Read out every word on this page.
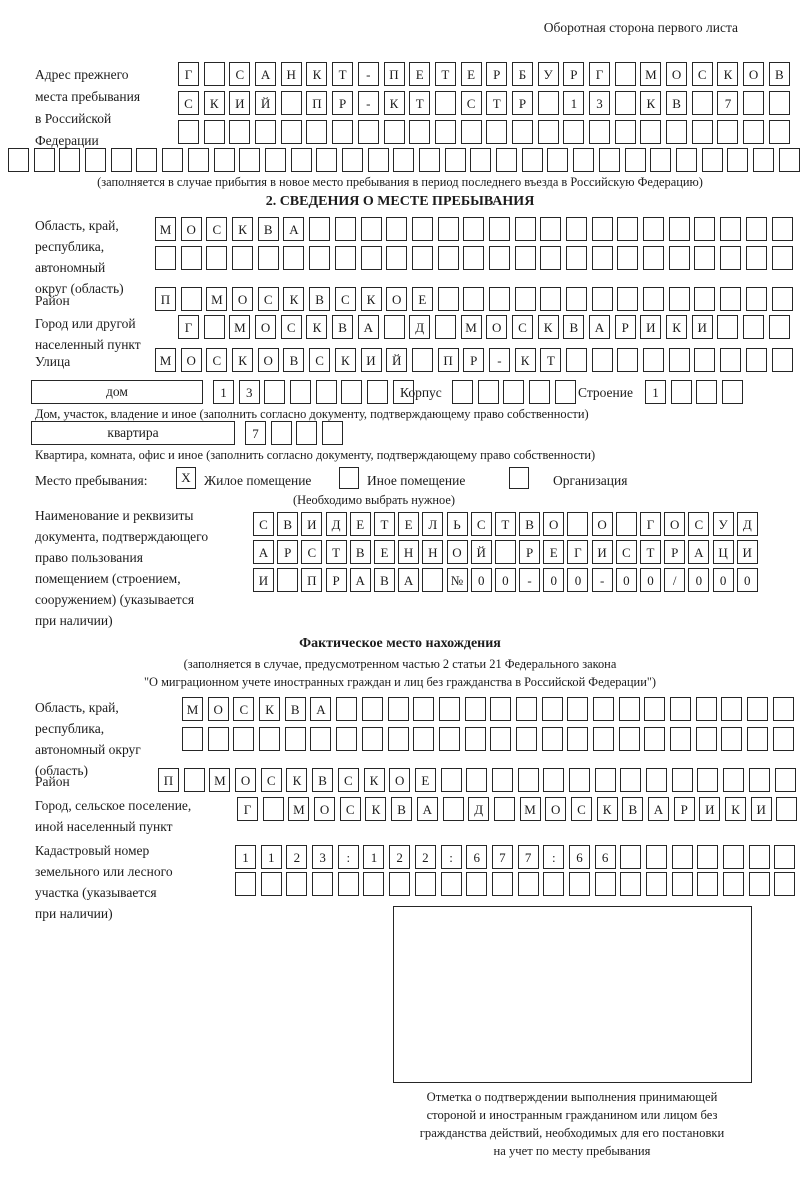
Оборотная сторона первого листа
Адрес прежнего
места пребывания
в Российской
Федерации
Г	С	А	Н	К	Т	-	П	Е	Т	Е	Р	Б	У	Р	Г	М	О	С	К	О	В
С	К	И	Й	П	Р	-	К	Т	С	Т	Р	1	3	К	В	7
(заполняется в случае прибытия в новое место пребывания в период последнего въезда в Российскую Федерацию)
2. СВЕДЕНИЯ О МЕСТЕ ПРЕБЫВАНИЯ
Область, край,
республика,
автономный
округ (область)
М	О	С	К	В	А
Район	П	М	О	С	К	В	С	К	О	Е
Город или другой
населенный пункт
Г	М	О	С	К	В	А	Д	М	О	С	К	В	А	Р	И	К	И
Улица	М	О	С	К	О	В	С	К	И	Й	П	Р	-	К	Т
дом	1	3	Корпус	Строение	1
Дом, участок, владение и иное (заполнить согласно документу, подтверждающему право собственности)
квартира	7
Квартира, комната, офис и иное (заполнить согласно документу, подтверждающему право собственности)
Место пребывания:	X Жилое помещение	Иное помещение	Организация
(Необходимо выбрать нужное)
Наименование и реквизиты
документа, подтверждающего
право пользования
помещением (строением,
сооружением) (указывается
при наличии)
С	В	И	Д	Е	Т	Е	Л	Ь	С	Т	В	О	О	Г	О	С	У	Д
А	Р	С	Т	В	Е	Н	Н	О	Й	Р	Е	Г	И	С	Т	Р	А	Ц	И
И	П	Р	А	В	А	№	0	0	-	0	0	-	0	0	/	0	0	0
Фактическое место нахождения
(заполняется в случае, предусмотренном частью 2 статьи 21 Федерального закона
"О миграционном учете иностранных граждан и лиц без гражданства в Российской Федерации")
Область, край,
республика,
автономный округ
(область)
М	О	С	К	В	А
Район	П	М	О	С	К	В	С	К	О	Е
Город, сельское поселение,
иной населенный пункт
Г	М	О	С	К	В	А	Д	М	О	С	К	В	А	Р	И	К	И
Кадастровый номер
земельного или лесного
участка (указывается
при наличии)
1	1	2	3	:	1	2	2	:	6	7	7	:	6	6
Отметка о подтверждении выполнения принимающей
стороной и иностранным гражданином или лицом без
гражданства действий, необходимых для его постановки
на учет по месту пребывания
